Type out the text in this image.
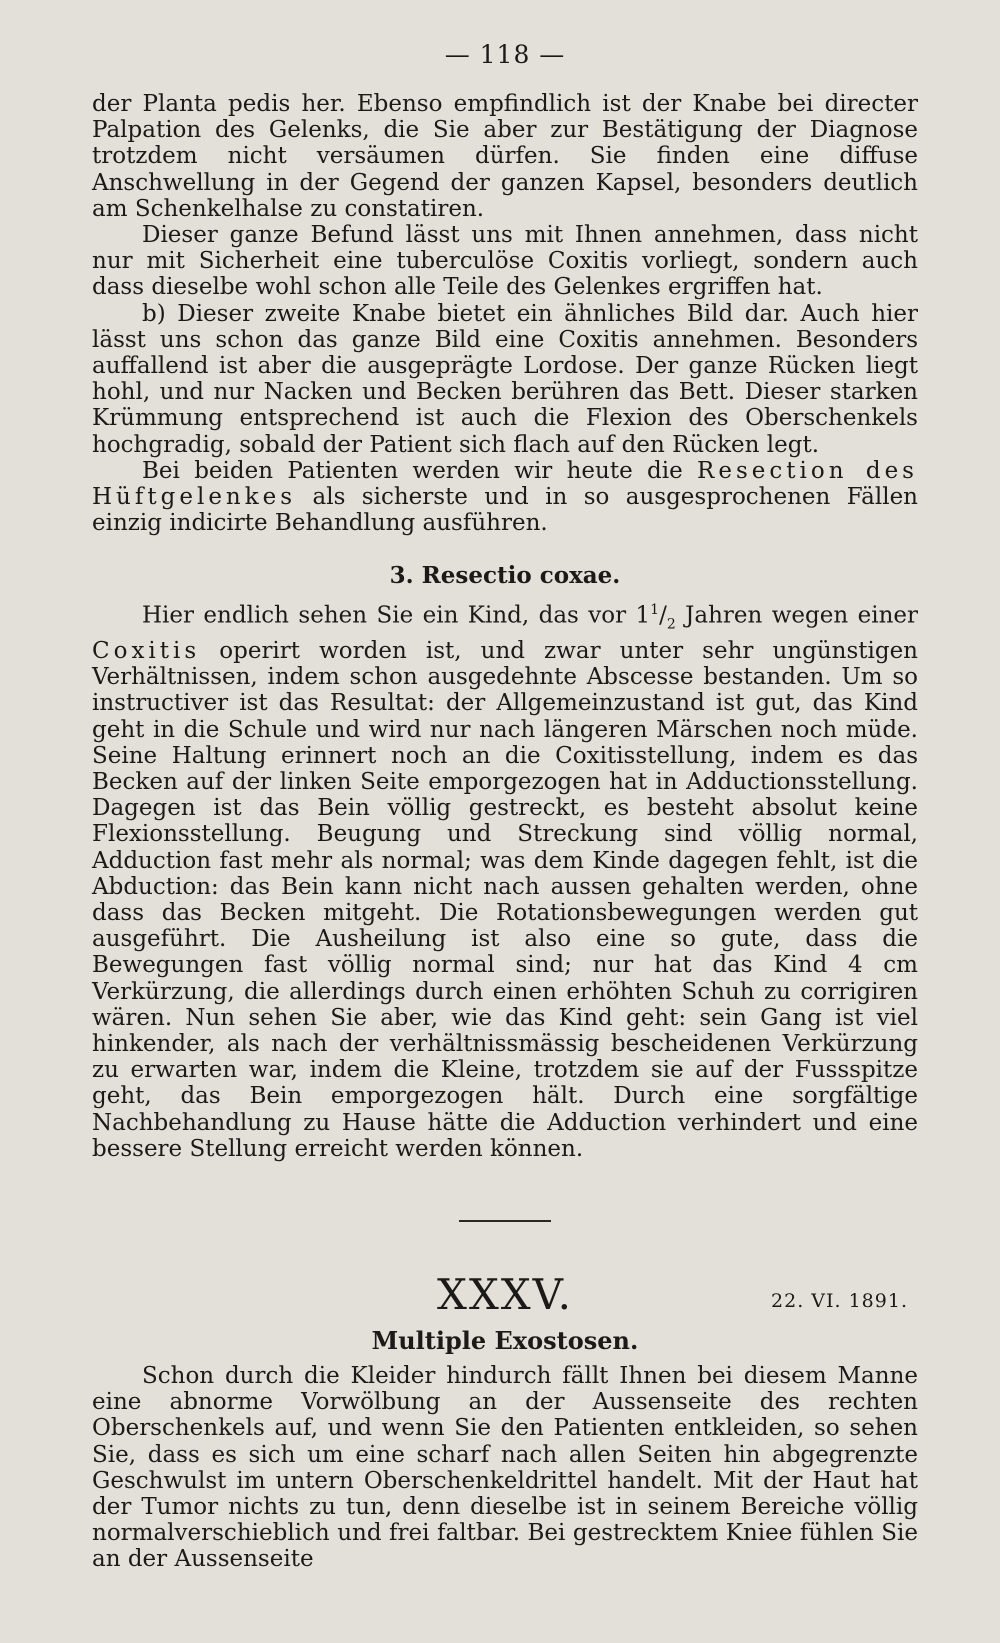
— 118 —

der Planta pedis her. Ebenso empfindlich ist der Knabe bei directer Palpation des Gelenks, die Sie aber zur Bestätigung der Diagnose trotzdem nicht versäumen dürfen. Sie finden eine diffuse Anschwellung in der Gegend der ganzen Kapsel, besonders deutlich am Schenkelhalse zu constatiren.

Dieser ganze Befund lässt uns mit Ihnen annehmen, dass nicht nur mit Sicherheit eine tuberculöse Coxitis vorliegt, sondern auch dass dieselbe wohl schon alle Teile des Gelenkes ergriffen hat.

b) Dieser zweite Knabe bietet ein ähnliches Bild dar. Auch hier lässt uns schon das ganze Bild eine Coxitis annehmen. Besonders auffallend ist aber die ausgeprägte Lordose. Der ganze Rücken liegt hohl, und nur Nacken und Becken berühren das Bett. Dieser starken Krümmung entsprechend ist auch die Flexion des Oberschenkels hochgradig, sobald der Patient sich flach auf den Rücken legt.

Bei beiden Patienten werden wir heute die Resection des Hüftgelenkes als sicherste und in so ausgesprochenen Fällen einzig indicirte Behandlung ausführen.

3. Resectio coxae.

Hier endlich sehen Sie ein Kind, das vor $1^1/_2$ Jahren wegen einer Coxitis operirt worden ist, und zwar unter sehr ungünstigen Verhältnissen, indem schon ausgedehnte Abscesse bestanden. Um so instructiver ist das Resultat: der Allgemeinzustand ist gut, das Kind geht in die Schule und wird nur nach längeren Märschen noch müde. Seine Haltung erinnert noch an die Coxitisstellung, indem es das Becken auf der linken Seite emporgezogen hat in Adductionsstellung. Dagegen ist das Bein völlig gestreckt, es besteht absolut keine Flexionsstellung. Beugung und Streckung sind völlig normal, Adduction fast mehr als normal; was dem Kinde dagegen fehlt, ist die Abduction: das Bein kann nicht nach aussen gehalten werden, ohne dass das Becken mitgeht. Die Rotationsbewegungen werden gut ausgeführt. Die Ausheilung ist also eine so gute, dass die Bewegungen fast völlig normal sind; nur hat das Kind 4 cm Verkürzung, die allerdings durch einen erhöhten Schuh zu corrigiren wären. Nun sehen Sie aber, wie das Kind geht: sein Gang ist viel hinkender, als nach der verhältnissmässig bescheidenen Verkürzung zu erwarten war, indem die Kleine, trotzdem sie auf der Fussspitze geht, das Bein emporgezogen hält. Durch eine sorgfältige Nachbehandlung zu Hause hätte die Adduction verhindert und eine bessere Stellung erreicht werden können.

XXXV.	22. VI. 1891.
Multiple Exostosen.

Schon durch die Kleider hindurch fällt Ihnen bei diesem Manne eine abnorme Vorwölbung an der Aussenseite des rechten Oberschenkels auf, und wenn Sie den Patienten entkleiden, so sehen Sie, dass es sich um eine scharf nach allen Seiten hin abgegrenzte Geschwulst im untern Oberschenkeldrittel handelt. Mit der Haut hat der Tumor nichts zu tun, denn dieselbe ist in seinem Bereiche völlig normalverschieblich und frei faltbar. Bei gestrecktem Kniee fühlen Sie an der Aussenseite
